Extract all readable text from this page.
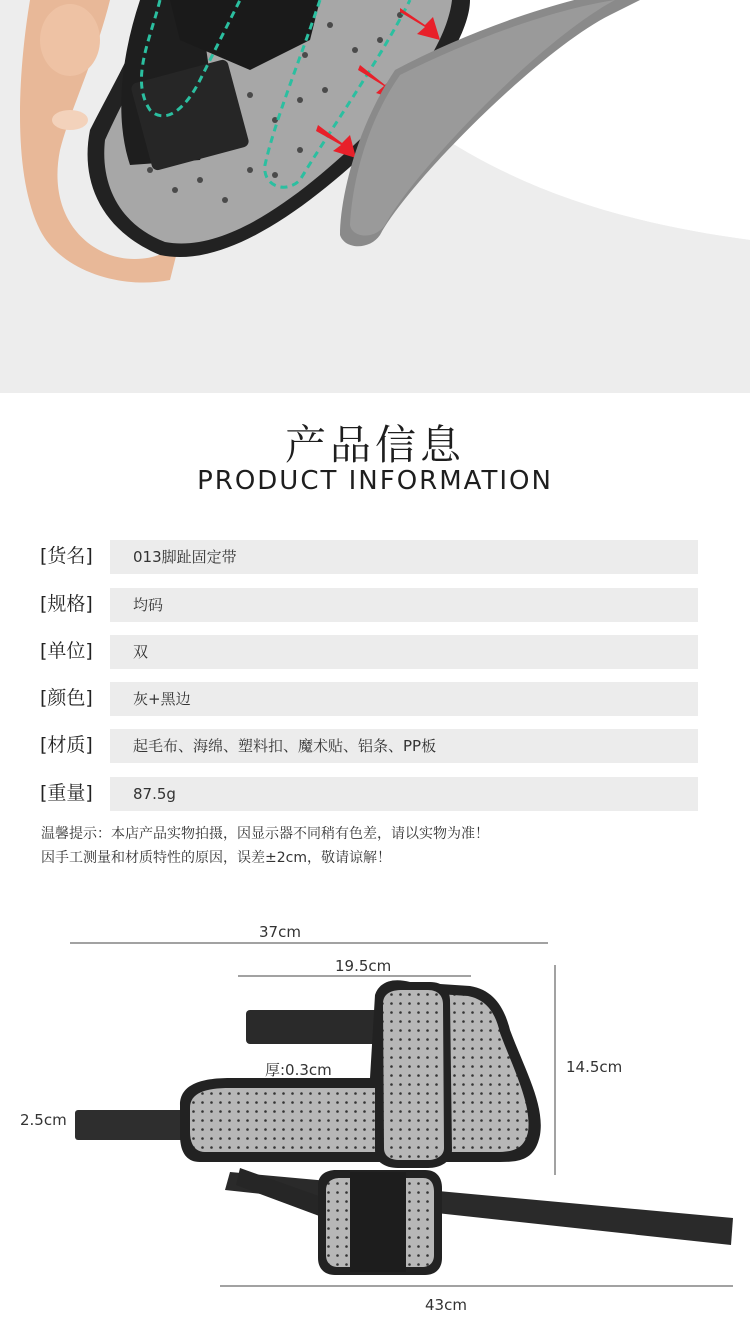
产品信息
PRODUCT INFORMATION
[货名]	013脚趾固定带
[规格]	均码
[单位]	双
[颜色]	灰+黑边
[材质]	起毛布、海绵、塑料扣、魔术贴、铝条、PP板
[重量]	87.5g
温馨提示：本店产品实物拍摄，因显示器不同稍有色差，请以实物为准！
因手工测量和材质特性的原因，误差±2cm，敬请谅解！
37cm
19.5cm
14.5cm
厚:0.3cm
2.5cm
43cm
